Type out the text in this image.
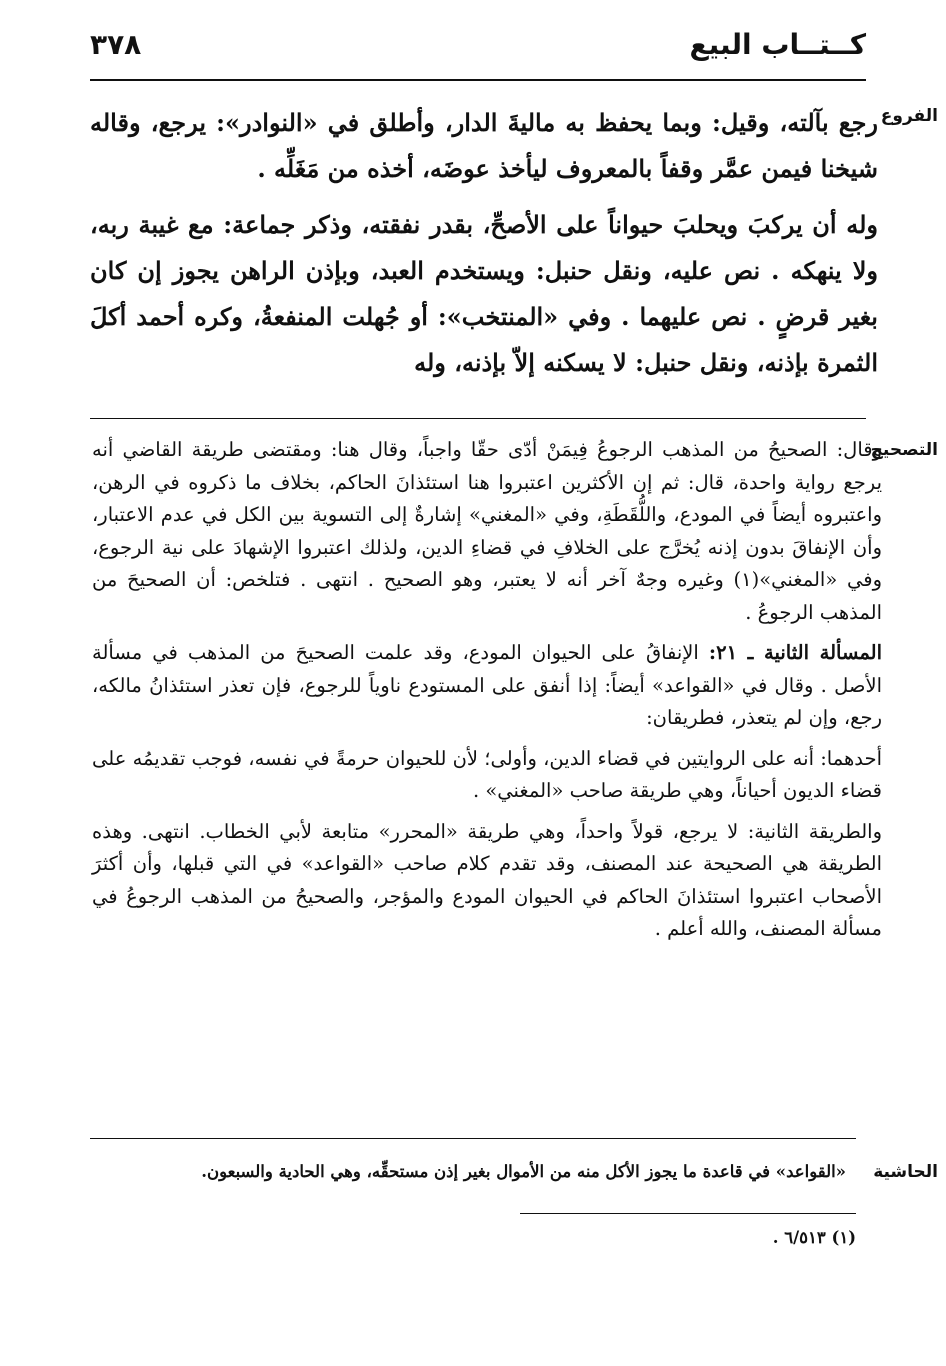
كــتــاب البيع
٣٧٨
الفروع

رجع بآلته، وقيل: وبما يحفظ به ماليةَ الدار، وأطلق في «النوادر»: يرجع، وقاله شيخنا فيمن عمَّر وقفاً بالمعروف ليأخذ عوضَه، أخذه من مَغَلِّه .

وله أن يركبَ ويحلبَ حيواناً على الأصحِّ، بقدر نفقته، وذكر جماعة: مع غيبة ربه، ولا ينهكه . نص عليه، ونقل حنبل: ويستخدم العبد، وبإذن الراهن يجوز إن كان بغير قرضٍ . نص عليهما . وفي «المنتخب»: أو جُهلت المنفعةُ، وكره أحمد أكلَ الثمرة بإذنه، ونقل حنبل: لا يسكنه إلاّ بإذنه، وله

التصحيح

وقال: الصحيحُ من المذهب الرجوعُ فِيمَنْ أدّى حقّا واجباً، وقال هنا: ومقتضى طريقة القاضي أنه يرجع رواية واحدة، قال: ثم إن الأكثرين اعتبروا هنا استئذانَ الحاكم، بخلاف ما ذكروه في الرهن، واعتبروه أيضاً في المودع، واللُّقَطَةِ، وفي «المغني» إشارةٌ إلى التسوية بين الكل في عدم الاعتبار، وأن الإنفاقَ بدون إذنه يُخرَّج على الخلافِ في قضاءِ الدين، ولذلك اعتبروا الإشهادَ على نية الرجوع، وفي «المغني»(١) وغيره وجهٌ آخر أنه لا يعتبر، وهو الصحيح . انتهى . فتلخص: أن الصحيحَ من المذهب الرجوعُ .

المسألة الثانية ـ ٢١: الإنفاقُ على الحيوان المودع، وقد علمت الصحيحَ من المذهب في مسألة الأصل . وقال في «القواعد» أيضاً: إذا أنفق على المستودع ناوياً للرجوع، فإن تعذر استئذانُ مالكه، رجع، وإن لم يتعذر، فطريقان:

أحدهما: أنه على الروايتين في قضاء الدين، وأولى؛ لأن للحيوان حرمةً في نفسه، فوجب تقديمُه على قضاء الديون أحياناً، وهي طريقة صاحب «المغني» .

والطريقة الثانية: لا يرجع، قولاً واحداً، وهي طريقة «المحرر» متابعة لأبي الخطاب. انتهى. وهذه الطريقة هي الصحيحة عند المصنف، وقد تقدم كلام صاحب «القواعد» في التي قبلها، وأن أكثرَ الأصحاب اعتبروا استئذانَ الحاكم في الحيوان المودع والمؤجر، والصحيحُ من المذهب الرجوعُ في مسألة المصنف، والله أعلم .

الحاشية

«القواعد» في قاعدة ما يجوز الأكل منه من الأموال بغير إذن مستحقِّه، وهي الحادية والسبعون.

(١) ٦/٥١٣ .
